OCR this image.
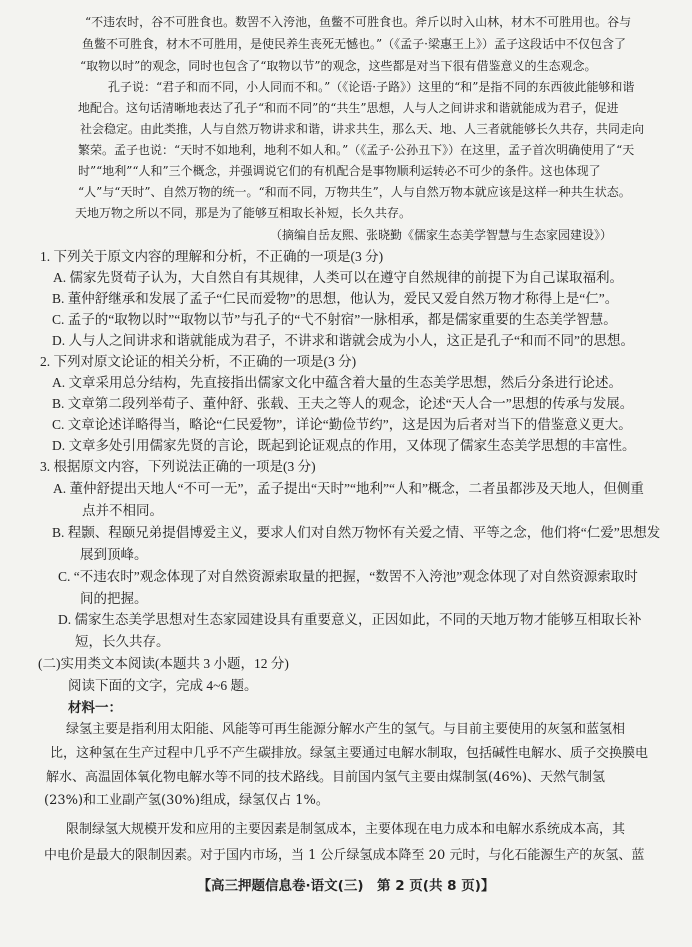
“不违农时，谷不可胜食也。数罟不入洿池，鱼鳖不可胜食也。斧斤以时入山林，材木不可胜用也。谷与
鱼鳖不可胜食，材木不可胜用，是使民养生丧死无憾也。”（《孟子·梁惠王上》）孟子这段话中不仅包含了
“取物以时”的观念，同时也包含了“取物以节”的观念，这些都是对当下很有借鉴意义的生态观念。
孔子说：“君子和而不同，小人同而不和。”（《论语·子路》）这里的“和”是指不同的东西彼此能够和谐
地配合。这句话清晰地表达了孔子“和而不同”的“共生”思想，人与人之间讲求和谐就能成为君子，促进
社会稳定。由此类推，人与自然万物讲求和谐，讲求共生，那么天、地、人三者就能够长久共存，共同走向
繁荣。孟子也说：“天时不如地利，地利不如人和。”（《孟子·公孙丑下》）在这里，孟子首次明确使用了“天
时”“地利”“人和”三个概念，并强调说它们的有机配合是事物顺利运转必不可少的条件。这也体现了
“人”与“天时”、自然万物的统一。“和而不同，万物共生”，人与自然万物本就应该是这样一种共生状态。
天地万物之所以不同，那是为了能够互相取长补短，长久共存。
（摘编自岳友熙、张晓勤《儒家生态美学智慧与生态家园建设》）
1. 下列关于原文内容的理解和分析，不正确的一项是(3 分)
A. 儒家先贤荀子认为，大自然自有其规律，人类可以在遵守自然规律的前提下为自己谋取福利。
B. 董仲舒继承和发展了孟子“仁民而爱物”的思想，他认为，爱民又爱自然万物才称得上是“仁”。
C. 孟子的“取物以时”“取物以节”与孔子的“弋不射宿”一脉相承，都是儒家重要的生态美学智慧。
D. 人与人之间讲求和谐就能成为君子，不讲求和谐就会成为小人，这正是孔子“和而不同”的思想。
2. 下列对原文论证的相关分析，不正确的一项是(3 分)
A. 文章采用总分结构，先直接指出儒家文化中蕴含着大量的生态美学思想，然后分条进行论述。
B. 文章第二段列举荀子、董仲舒、张载、王夫之等人的观念，论述“天人合一”思想的传承与发展。
C. 文章论述详略得当，略论“仁民爱物”，详论“勤俭节约”，这是因为后者对当下的借鉴意义更大。
D. 文章多处引用儒家先贤的言论，既起到论证观点的作用，又体现了儒家生态美学思想的丰富性。
3. 根据原文内容，下列说法正确的一项是(3 分)
A. 董仲舒提出天地人“不可一无”，孟子提出“天时”“地利”“人和”概念，二者虽都涉及天地人，但侧重
点并不相同。
B. 程颢、程颐兄弟提倡博爱主义，要求人们对自然万物怀有关爱之情、平等之念，他们将“仁爱”思想发
展到顶峰。
C. “不违农时”观念体现了对自然资源索取量的把握，“数罟不入洿池”观念体现了对自然资源索取时
间的把握。
D. 儒家生态美学思想对生态家园建设具有重要意义，正因如此，不同的天地万物才能够互相取长补
短，长久共存。
(二)实用类文本阅读(本题共 3 小题，12 分)
阅读下面的文字，完成 4~6 题。
材料一：
绿氢主要是指利用太阳能、风能等可再生能源分解水产生的氢气。与目前主要使用的灰氢和蓝氢相
比，这种氢在生产过程中几乎不产生碳排放。绿氢主要通过电解水制取，包括碱性电解水、质子交换膜电
解水、高温固体氧化物电解水等不同的技术路线。目前国内氢气主要由煤制氢(46%)、天然气制氢
(23%)和工业副产氢(30%)组成，绿氢仅占 1%。
限制绿氢大规模开发和应用的主要因素是制氢成本，主要体现在电力成本和电解水系统成本高，其
中电价是最大的限制因素。对于国内市场，当 1 公斤绿氢成本降至 20 元时，与化石能源生产的灰氢、蓝
【高三押题信息卷·语文(三)　第 2 页(共 8 页)】
